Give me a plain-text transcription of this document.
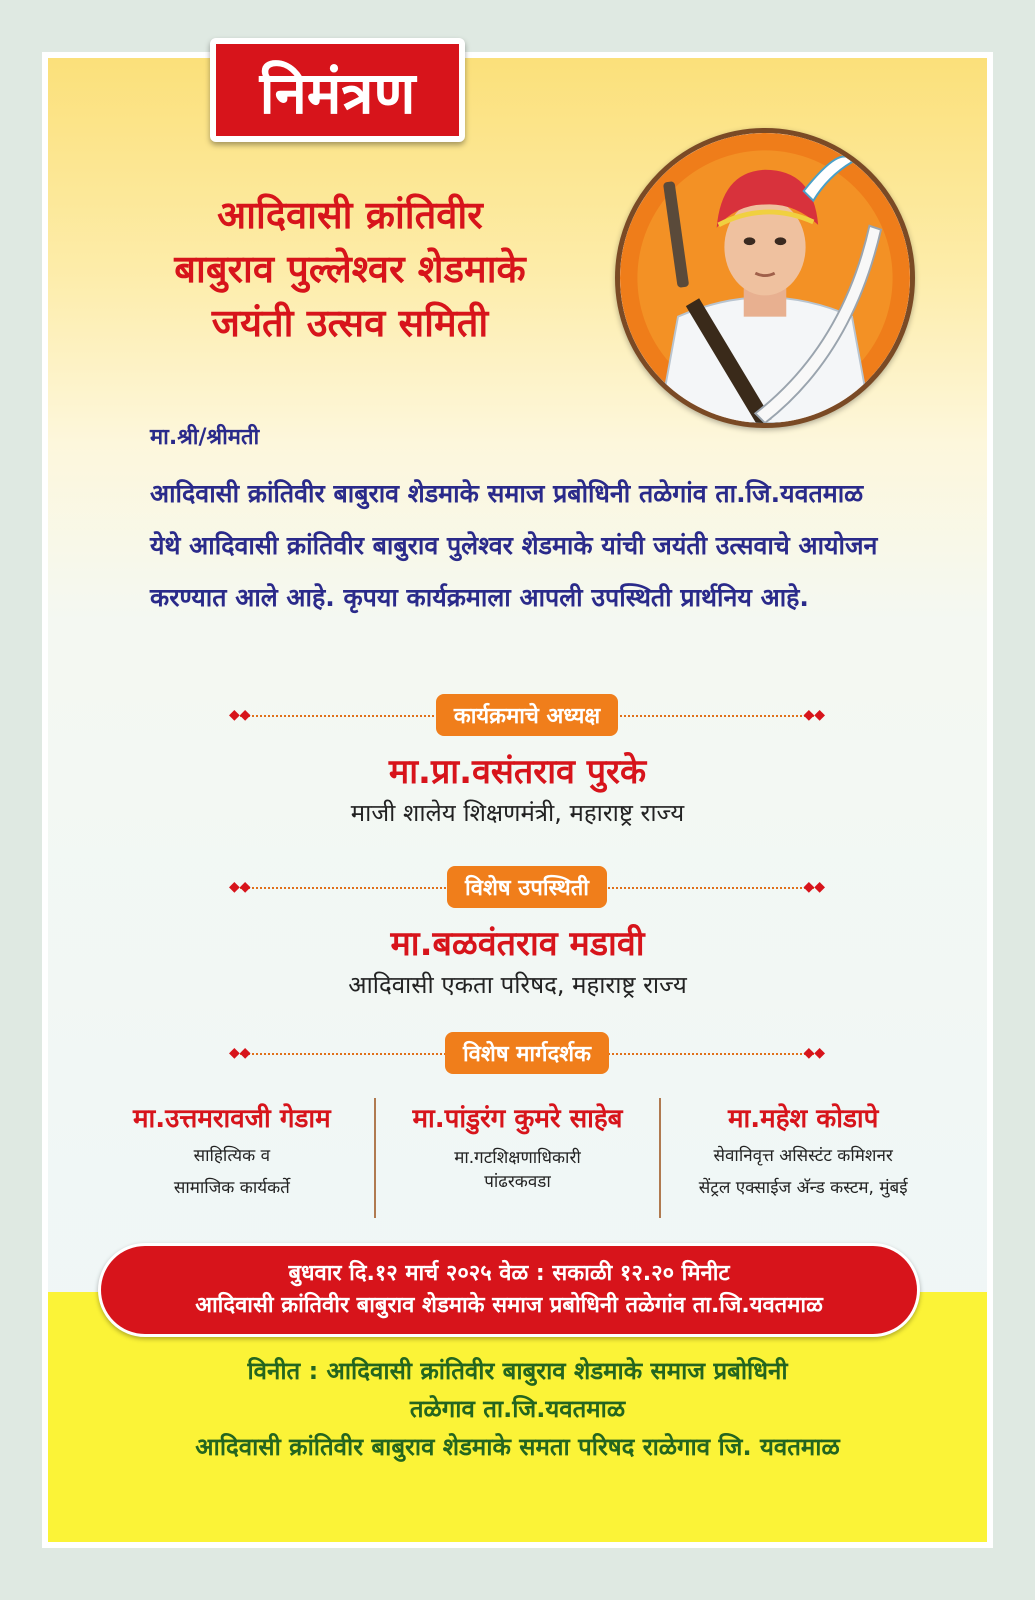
निमंत्रण
आदिवासी क्रांतिवीर
बाबुराव पुल्लेश्वर शेडमाके
जयंती उत्सव समिती
मा.श्री/श्रीमती
आदिवासी क्रांतिवीर बाबुराव शेडमाके समाज प्रबोधिनी तळेगांव ता.जि.यवतमाळ
येथे आदिवासी क्रांतिवीर बाबुराव पुलेश्वर शेडमाके यांची जयंती उत्सवाचे आयोजन
करण्यात आले आहे. कृपया कार्यक्रमाला आपली उपस्थिती प्रार्थनिय आहे.
◆◆	◆◆
कार्यक्रमाचे अध्यक्ष
मा.प्रा.वसंतराव पुरके
माजी शालेय शिक्षणमंत्री, महाराष्ट्र राज्य
◆◆	◆◆
विशेष उपस्थिती
मा.बळवंतराव मडावी
आदिवासी एकता परिषद, महाराष्ट्र राज्य
◆◆	◆◆
विशेष मार्गदर्शक
मा.उत्तमरावजी गेडाम
साहित्यिक व
सामाजिक कार्यकर्ते
मा.पांडुरंग कुमरे साहेब
मा.गटशिक्षणाधिकारी
पांढरकवडा
मा.महेश कोडापे
सेवानिवृत्त असिस्टंट कमिशनर
सेंट्रल एक्साईज अ‍ॅन्ड कस्टम, मुंबई
बुधवार दि.१२ मार्च २०२५ वेळ : सकाळी १२.२० मिनीट
आदिवासी क्रांतिवीर बाबुराव शेडमाके समाज प्रबोधिनी तळेगांव ता.जि.यवतमाळ
विनीत : आदिवासी क्रांतिवीर बाबुराव शेडमाके समाज प्रबोधिनी
तळेगाव ता.जि.यवतमाळ
आदिवासी क्रांतिवीर बाबुराव शेडमाके समता परिषद राळेगाव जि. यवतमाळ
